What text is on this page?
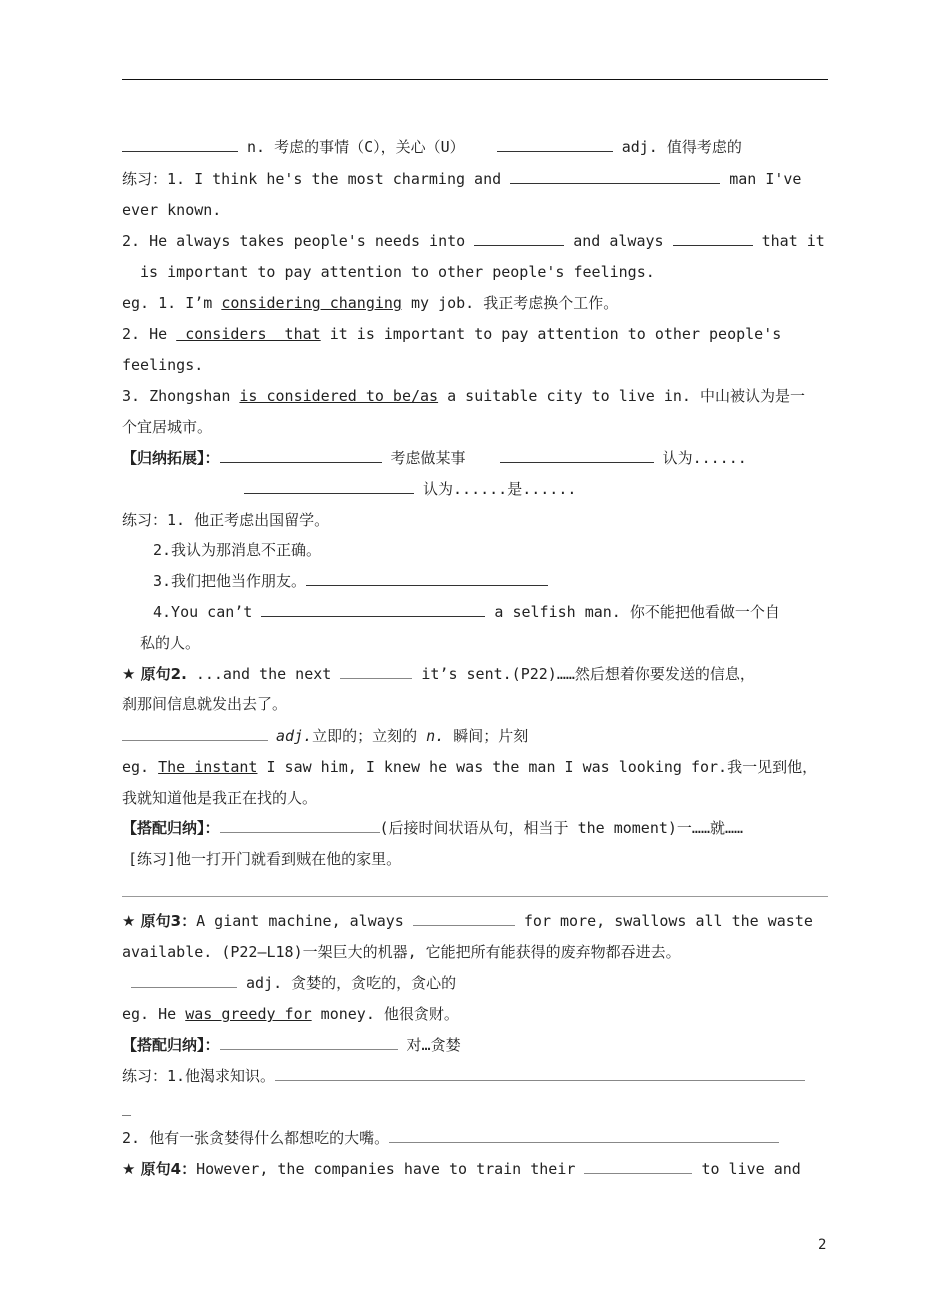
n. 考虑的事情（C），关心（U）	adj. 值得考虑的
练习：1. I think he's the most charming and	man I've
ever known.
2. He always takes people's needs into	and always	that it
is important to pay attention to other people's feelings.
eg. 1. I’m considering changing my job. 我正考虑换个工作。
2. He  considers  that it is important to pay attention to other people's
feelings.
3. Zhongshan is considered to be/as a suitable city to live in. 中山被认为是一
个宜居城市。
【归纳拓展】：	考虑做某事	认为......
认为......是......
练习：1. 他正考虑出国留学。
2.我认为那消息不正确。
3.我们把他当作朋友。
4.You can’t	a selfish man. 你不能把他看做一个自
私的人。
★ 原句2. ...and the next	it’s sent.(P22)……然后想着你要发送的信息，
刹那间信息就发出去了。
adj.立即的；立刻的 n. 瞬间；片刻
eg. The instant I saw him, I knew he was the man I was looking for.我一见到他，
我就知道他是我正在找的人。
【搭配归纳】：	(后接时间状语从句，相当于 the moment)一……就……
[练习]他一打开门就看到贼在他的家里。
★ 原句3：A giant machine, always	for more, swallows all the waste
available. (P22—L18)一架巨大的机器, 它能把所有能获得的废弃物都吞进去。
adj. 贪婪的，贪吃的，贪心的
eg. He was greedy for money. 他很贪财。
【搭配归纳】：	对…贪婪
练习：1.他渴求知识。
_
2. 他有一张贪婪得什么都想吃的大嘴。
★ 原句4：However, the companies have to train their	to live and
2
